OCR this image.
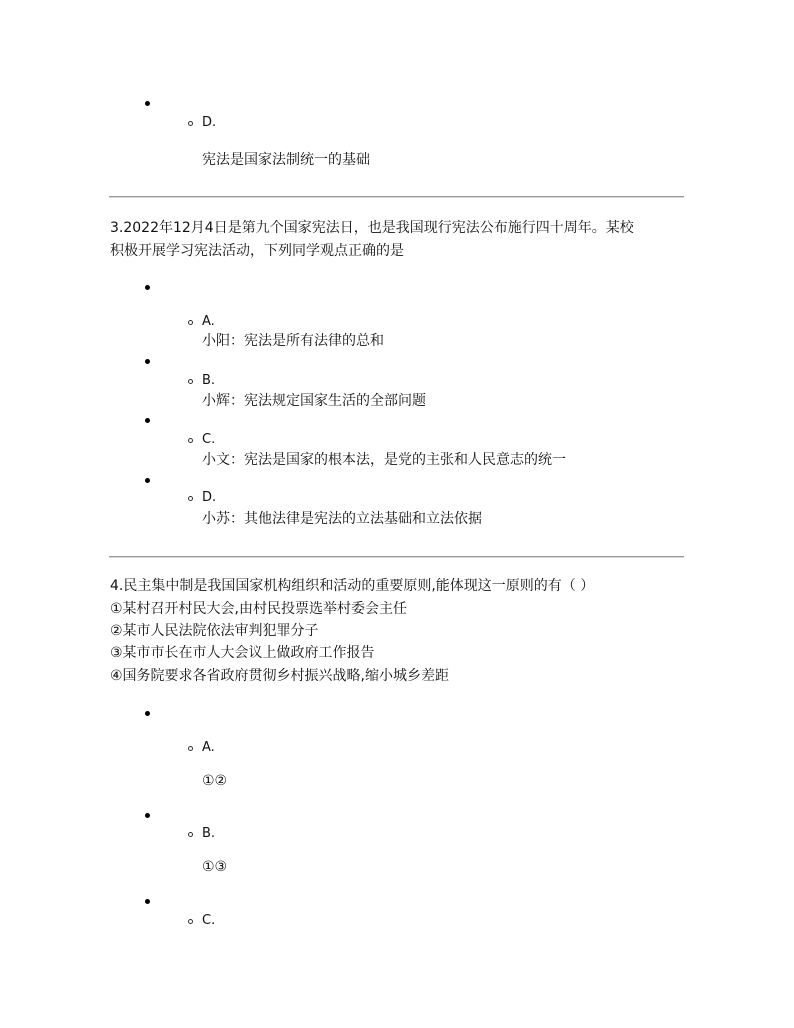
D.
宪法是国家法制统一的基础
3.2022年12月4日是第九个国家宪法日，也是我国现行宪法公布施行四十周年。某校
积极开展学习宪法活动，下列同学观点正确的是
A.
小阳：宪法是所有法律的总和
B.
小辉：宪法规定国家生活的全部问题
C.
小文：宪法是国家的根本法，是党的主张和人民意志的统一
D.
小苏：其他法律是宪法的立法基础和立法依据
4.民主集中制是我国国家机构组织和活动的重要原则,能体现这一原则的有（ ）
①某村召开村民大会,由村民投票选举村委会主任
②某市人民法院依法审判犯罪分子
③某市市长在市人大会议上做政府工作报告
④国务院要求各省政府贯彻乡村振兴战略,缩小城乡差距
A.
①②
B.
①③
C.
